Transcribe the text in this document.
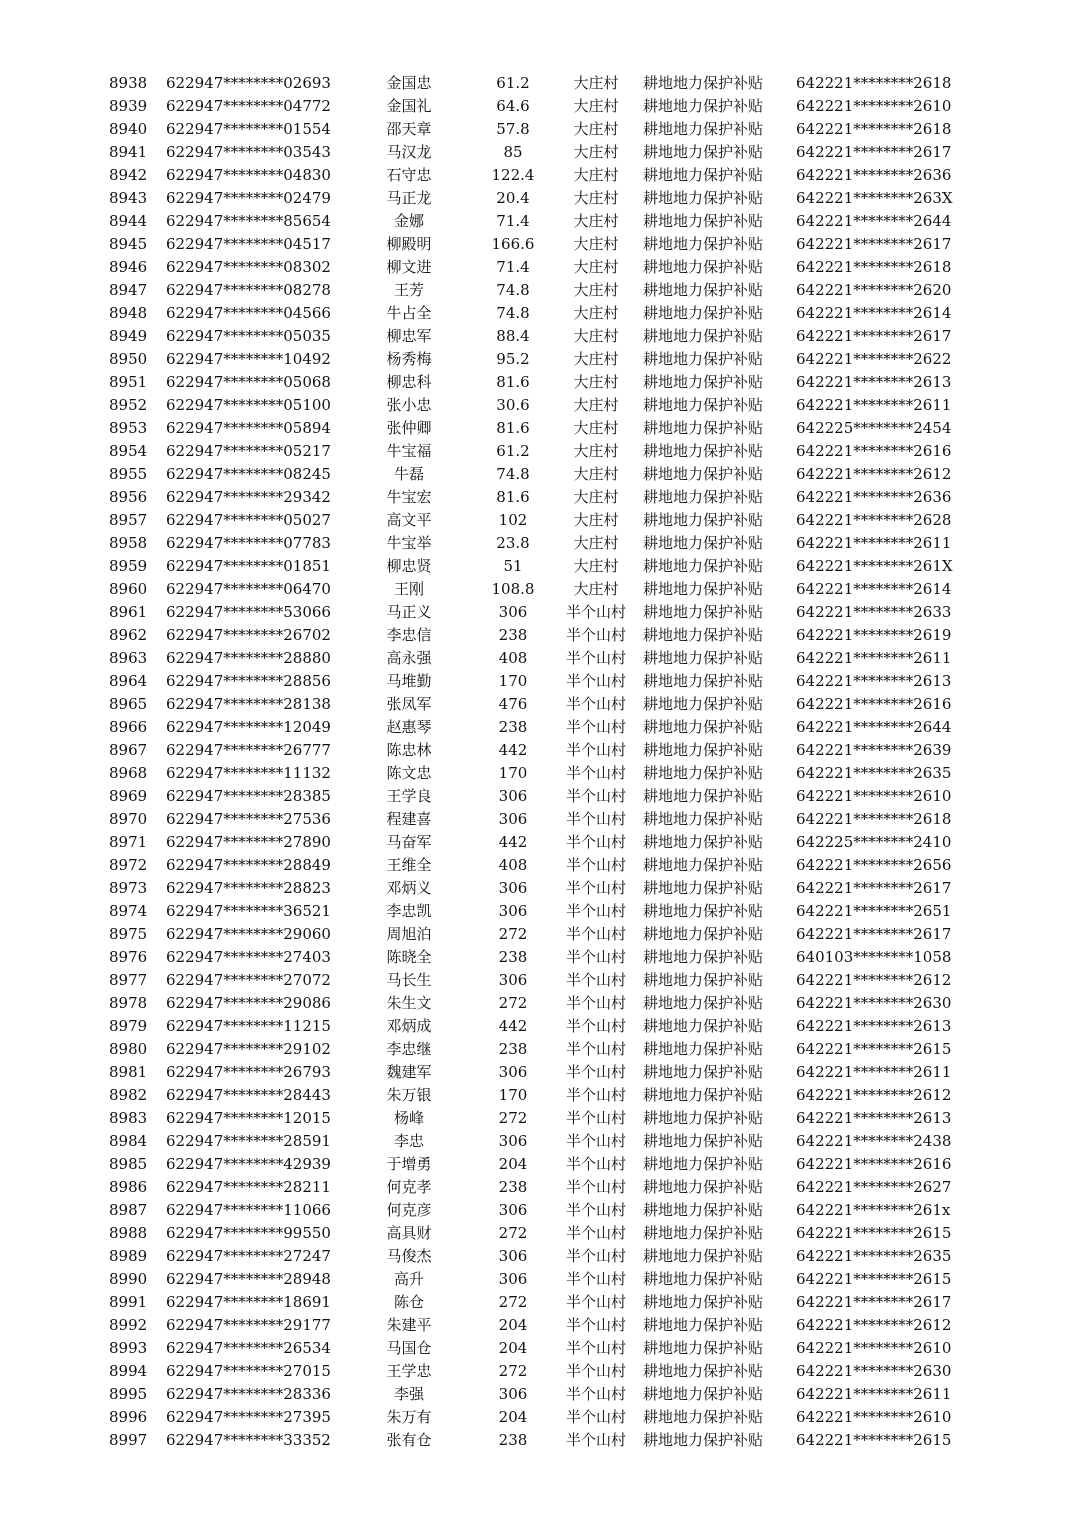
8938 622947********02693	金国忠	61.2	大庄村	耕地地力保护补贴	642221********2618
8939 622947********04772	金国礼	64.6	大庄村	耕地地力保护补贴	642221********2610
8940 622947********01554	邵天章	57.8	大庄村	耕地地力保护补贴	642221********2618
8941 622947********03543	马汉龙	85	大庄村	耕地地力保护补贴	642221********2617
8942 622947********04830	石守忠	122.4	大庄村	耕地地力保护补贴	642221********2636
8943 622947********02479	马正龙	20.4	大庄村	耕地地力保护补贴	642221********263X
8944 622947********85654	金娜	71.4	大庄村	耕地地力保护补贴	642221********2644
8945 622947********04517	柳殿明	166.6	大庄村	耕地地力保护补贴	642221********2617
8946 622947********08302	柳文进	71.4	大庄村	耕地地力保护补贴	642221********2618
8947 622947********08278	王芳	74.8	大庄村	耕地地力保护补贴	642221********2620
8948 622947********04566	牛占全	74.8	大庄村	耕地地力保护补贴	642221********2614
8949 622947********05035	柳忠军	88.4	大庄村	耕地地力保护补贴	642221********2617
8950 622947********10492	杨秀梅	95.2	大庄村	耕地地力保护补贴	642221********2622
8951 622947********05068	柳忠科	81.6	大庄村	耕地地力保护补贴	642221********2613
8952 622947********05100	张小忠	30.6	大庄村	耕地地力保护补贴	642221********2611
8953 622947********05894	张仲卿	81.6	大庄村	耕地地力保护补贴	642225********2454
8954 622947********05217	牛宝福	61.2	大庄村	耕地地力保护补贴	642221********2616
8955 622947********08245	牛磊	74.8	大庄村	耕地地力保护补贴	642221********2612
8956 622947********29342	牛宝宏	81.6	大庄村	耕地地力保护补贴	642221********2636
8957 622947********05027	高文平	102	大庄村	耕地地力保护补贴	642221********2628
8958 622947********07783	牛宝举	23.8	大庄村	耕地地力保护补贴	642221********2611
8959 622947********01851	柳忠贤	51	大庄村	耕地地力保护补贴	642221********261X
8960 622947********06470	王刚	108.8	大庄村	耕地地力保护补贴	642221********2614
8961 622947********53066	马正义	306	半个山村	耕地地力保护补贴	642221********2633
8962 622947********26702	李忠信	238	半个山村	耕地地力保护补贴	642221********2619
8963 622947********28880	高永强	408	半个山村	耕地地力保护补贴	642221********2611
8964 622947********28856	马堆勤	170	半个山村	耕地地力保护补贴	642221********2613
8965 622947********28138	张凤军	476	半个山村	耕地地力保护补贴	642221********2616
8966 622947********12049	赵惠琴	238	半个山村	耕地地力保护补贴	642221********2644
8967 622947********26777	陈忠林	442	半个山村	耕地地力保护补贴	642221********2639
8968 622947********11132	陈文忠	170	半个山村	耕地地力保护补贴	642221********2635
8969 622947********28385	王学良	306	半个山村	耕地地力保护补贴	642221********2610
8970 622947********27536	程建喜	306	半个山村	耕地地力保护补贴	642221********2618
8971 622947********27890	马奋军	442	半个山村	耕地地力保护补贴	642225********2410
8972 622947********28849	王维全	408	半个山村	耕地地力保护补贴	642221********2656
8973 622947********28823	邓炳义	306	半个山村	耕地地力保护补贴	642221********2617
8974 622947********36521	李忠凯	306	半个山村	耕地地力保护补贴	642221********2651
8975 622947********29060	周旭泊	272	半个山村	耕地地力保护补贴	642221********2617
8976 622947********27403	陈晓全	238	半个山村	耕地地力保护补贴	640103********1058
8977 622947********27072	马长生	306	半个山村	耕地地力保护补贴	642221********2612
8978 622947********29086	朱生文	272	半个山村	耕地地力保护补贴	642221********2630
8979 622947********11215	邓炳成	442	半个山村	耕地地力保护补贴	642221********2613
8980 622947********29102	李忠继	238	半个山村	耕地地力保护补贴	642221********2615
8981 622947********26793	魏建军	306	半个山村	耕地地力保护补贴	642221********2611
8982 622947********28443	朱万银	170	半个山村	耕地地力保护补贴	642221********2612
8983 622947********12015	杨峰	272	半个山村	耕地地力保护补贴	642221********2613
8984 622947********28591	李忠	306	半个山村	耕地地力保护补贴	642221********2438
8985 622947********42939	于增勇	204	半个山村	耕地地力保护补贴	642221********2616
8986 622947********28211	何克孝	238	半个山村	耕地地力保护补贴	642221********2627
8987 622947********11066	何克彦	306	半个山村	耕地地力保护补贴	642221********261x
8988 622947********99550	高具财	272	半个山村	耕地地力保护补贴	642221********2615
8989 622947********27247	马俊杰	306	半个山村	耕地地力保护补贴	642221********2635
8990 622947********28948	高升	306	半个山村	耕地地力保护补贴	642221********2615
8991 622947********18691	陈仓	272	半个山村	耕地地力保护补贴	642221********2617
8992 622947********29177	朱建平	204	半个山村	耕地地力保护补贴	642221********2612
8993 622947********26534	马国仓	204	半个山村	耕地地力保护补贴	642221********2610
8994 622947********27015	王学忠	272	半个山村	耕地地力保护补贴	642221********2630
8995 622947********28336	李强	306	半个山村	耕地地力保护补贴	642221********2611
8996 622947********27395	朱万有	204	半个山村	耕地地力保护补贴	642221********2610
8997 622947********33352	张有仓	238	半个山村	耕地地力保护补贴	642221********2615
